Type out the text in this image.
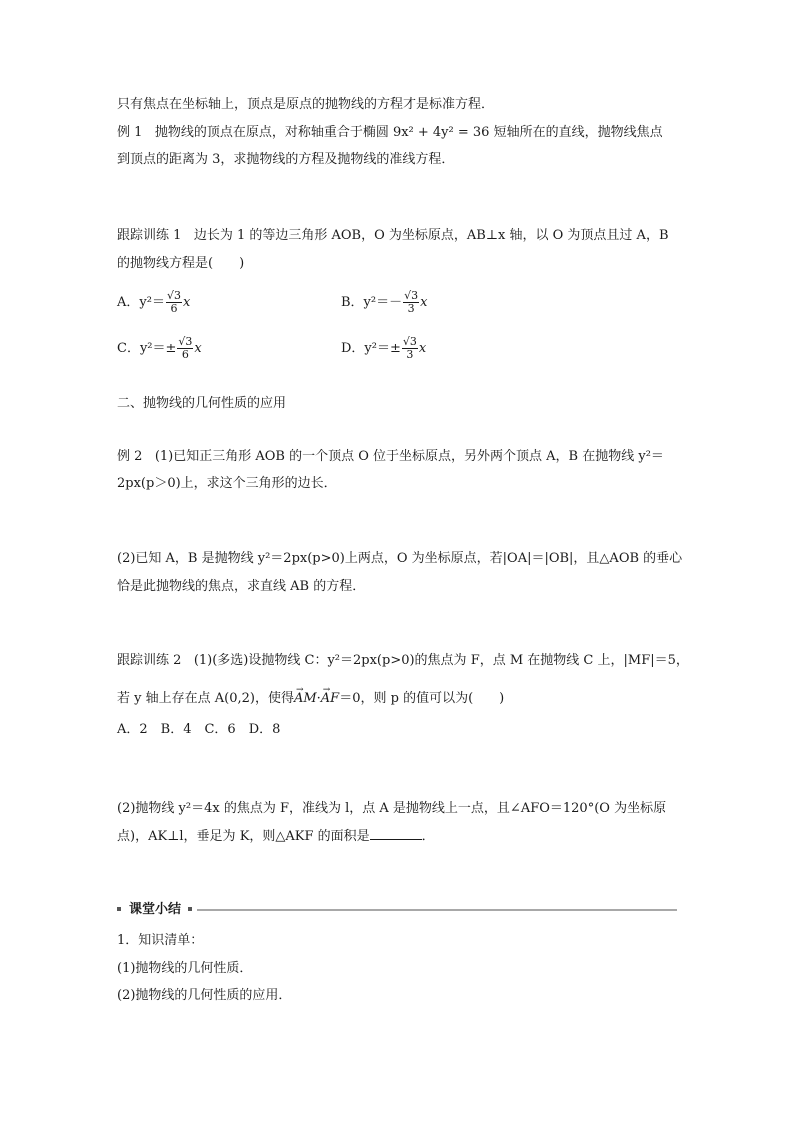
只有焦点在坐标轴上，顶点是原点的抛物线的方程才是标准方程．
例 1 抛物线的顶点在原点，对称轴重合于椭圆 9x² + 4y² = 36 短轴所在的直线，抛物线焦点
到顶点的距离为 3，求抛物线的方程及抛物线的准线方程．
跟踪训练 1 边长为 1 的等边三角形 AOB，O 为坐标原点，AB⊥x 轴，以 O 为顶点且过 A，B
的抛物线方程是(　　)
A．$y^2= \frac{√3}{6}$ x	B．$y^2=- \frac{√3}{3}$ x
C．$y^2=\pm \frac{√3}{6}$ x	D．$y^2=\pm \frac{√3}{3}$ x
二、抛物线的几何性质的应用
例 2 (1)已知正三角形 AOB 的一个顶点 O 位于坐标原点，另外两个顶点 A，B 在抛物线 y²＝
2px(p＞0)上，求这个三角形的边长．
(2)已知 A，B 是抛物线 y²＝2px(p>0)上两点，O 为坐标原点，若|OA|＝|OB|，且△AOB 的垂心
恰是此抛物线的焦点，求直线 AB 的方程．
跟踪训练 2 (1)(多选)设抛物线 C：y²＝2px(p>0)的焦点为 F，点 M 在抛物线 C 上，|MF|＝5，
若 y 轴上存在点 A(0,2)，使得→ AM·→ AF＝0，则 p 的值可以为(　　)
A．2　B．4　C．6　D．8
(2)抛物线 y²＝4x 的焦点为 F，准线为 l，点 A 是抛物线上一点，且∠AFO＝120°(O 为坐标原
点)，AK⊥l，垂足为 K，则△AKF 的面积是	．
课堂小结
1．知识清单：
(1)抛物线的几何性质．
(2)抛物线的几何性质的应用．
